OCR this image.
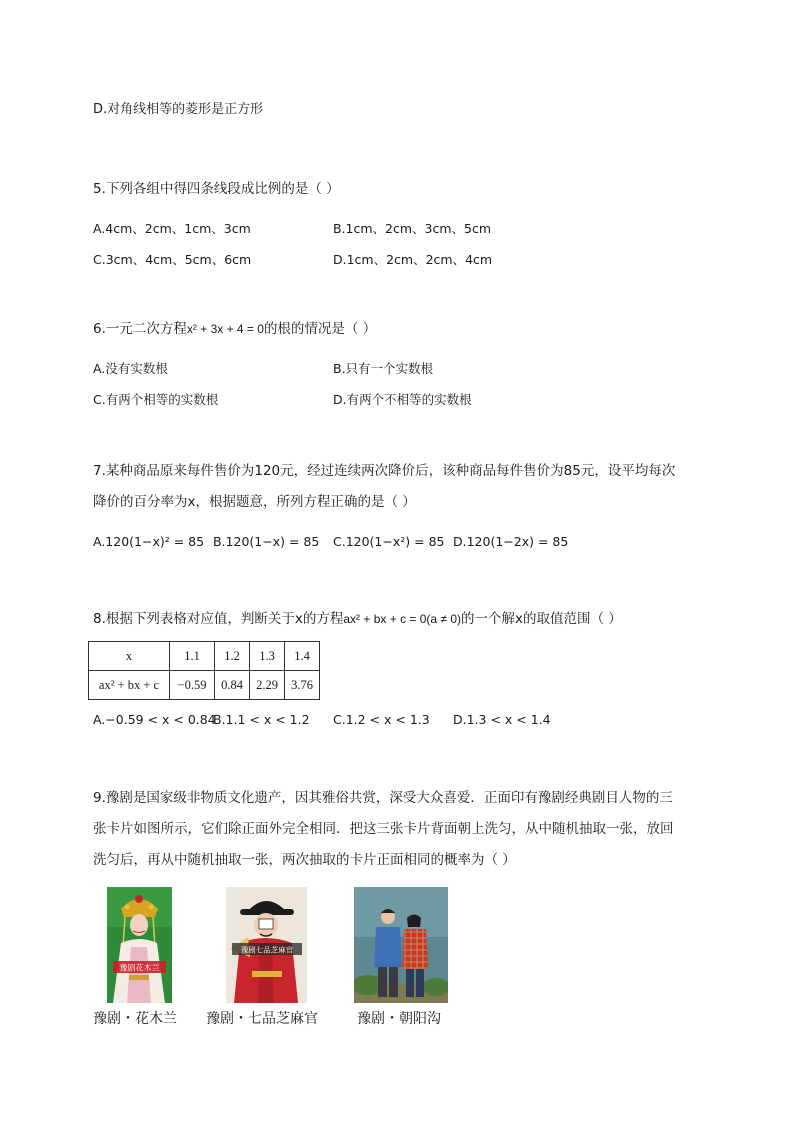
D.对角线相等的菱形是正方形
5.下列各组中得四条线段成比例的是（ ）
A.4cm、2cm、1cm、3cm	B.1cm、2cm、3cm、5cm
C.3cm、4cm、5cm、6cm	D.1cm、2cm、2cm、4cm
6.一元二次方程x² + 3x + 4 = 0的根的情况是（ ）
A.没有实数根	B.只有一个实数根
C.有两个相等的实数根	D.有两个不相等的实数根
7.某种商品原来每件售价为120元，经过连续两次降价后，该种商品每件售价为85元，设平均每次
降价的百分率为x，根据题意，所列方程正确的是（ ）
A.120(1−x)² = 85 B.120(1−x) = 85 C.120(1−x²) = 85 D.120(1−2x) = 85
8.根据下列表格对应值，判断关于x的方程ax² + bx + c = 0(a ≠ 0)的一个解x的取值范围（ ）
x	1.1	1.2	1.3	1.4
ax² + bx + c	−0.59	0.84	2.29	3.76
A.−0.59 < x < 0.84
B.1.1 < x < 1.2 C.1.2 < x < 1.3 D.1.3 < x < 1.4
9.豫剧是国家级非物质文化遗产，因其雅俗共赏，深受大众喜爱．正面印有豫剧经典剧目人物的三
张卡片如图所示，它们除正面外完全相同．把这三张卡片背面朝上洗匀，从中随机抽取一张，放回
洗匀后，再从中随机抽取一张，两次抽取的卡片正面相同的概率为（ ）
豫剧花木兰
豫剧七品芝麻官
豫剧・花木兰 豫剧・七品芝麻官	豫剧・朝阳沟
